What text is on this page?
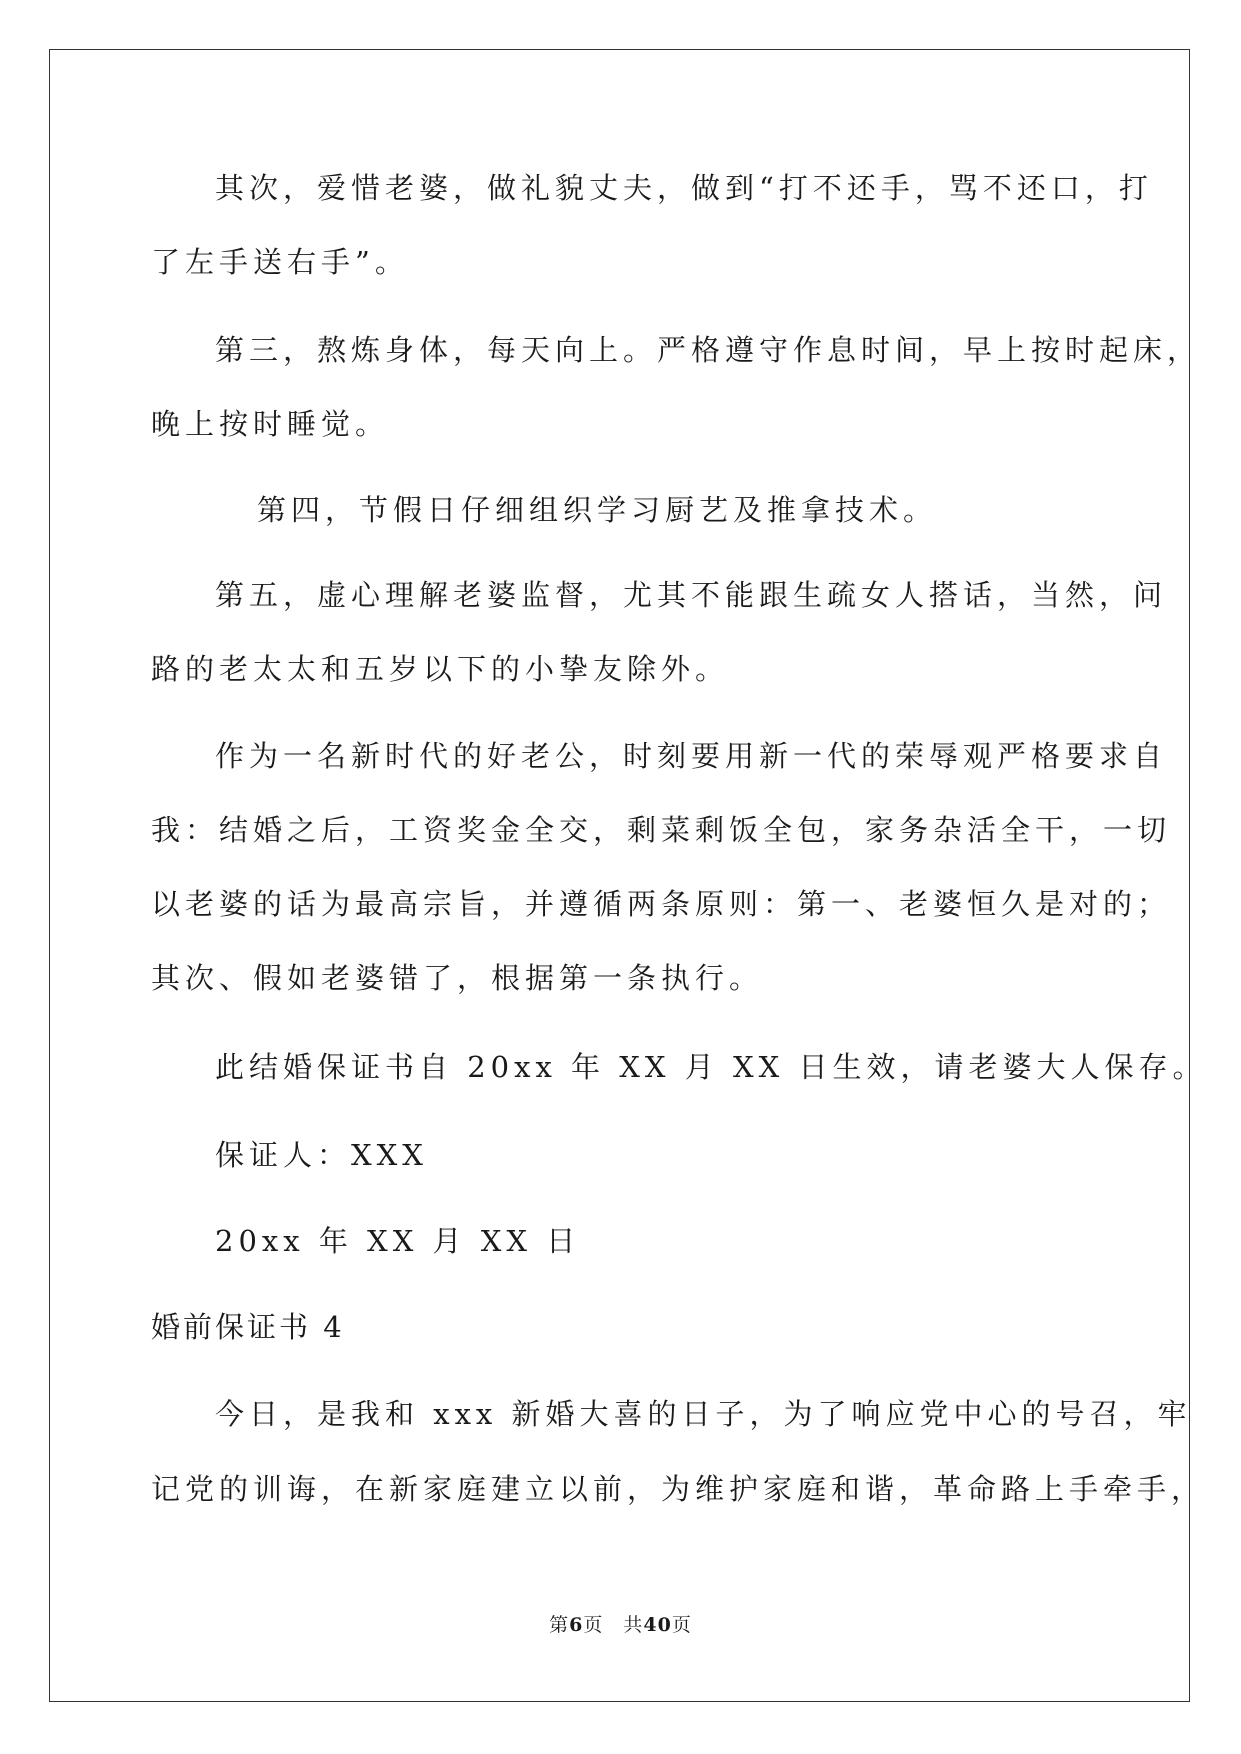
其次，爱惜老婆，做礼貌丈夫，做到“打不还手，骂不还口，打
了左手送右手”。
第三，熬炼身体，每天向上。严格遵守作息时间，早上按时起床，
晚上按时睡觉。
第四，节假日仔细组织学习厨艺及推拿技术。
第五，虚心理解老婆监督，尤其不能跟生疏女人搭话，当然，问
路的老太太和五岁以下的小挚友除外。
作为一名新时代的好老公，时刻要用新一代的荣辱观严格要求自
我：结婚之后，工资奖金全交，剩菜剩饭全包，家务杂活全干，一切
以老婆的话为最高宗旨，并遵循两条原则：第一、老婆恒久是对的；
其次、假如老婆错了，根据第一条执行。
此结婚保证书自 20xx 年 XX 月 XX 日生效，请老婆大人保存。
保证人：XXX
20xx 年 XX 月 XX 日
婚前保证书 4
今日，是我和 xxx 新婚大喜的日子，为了响应党中心的号召，牢
记党的训诲，在新家庭建立以前，为维护家庭和谐，革命路上手牵手，
第6页　共40页
